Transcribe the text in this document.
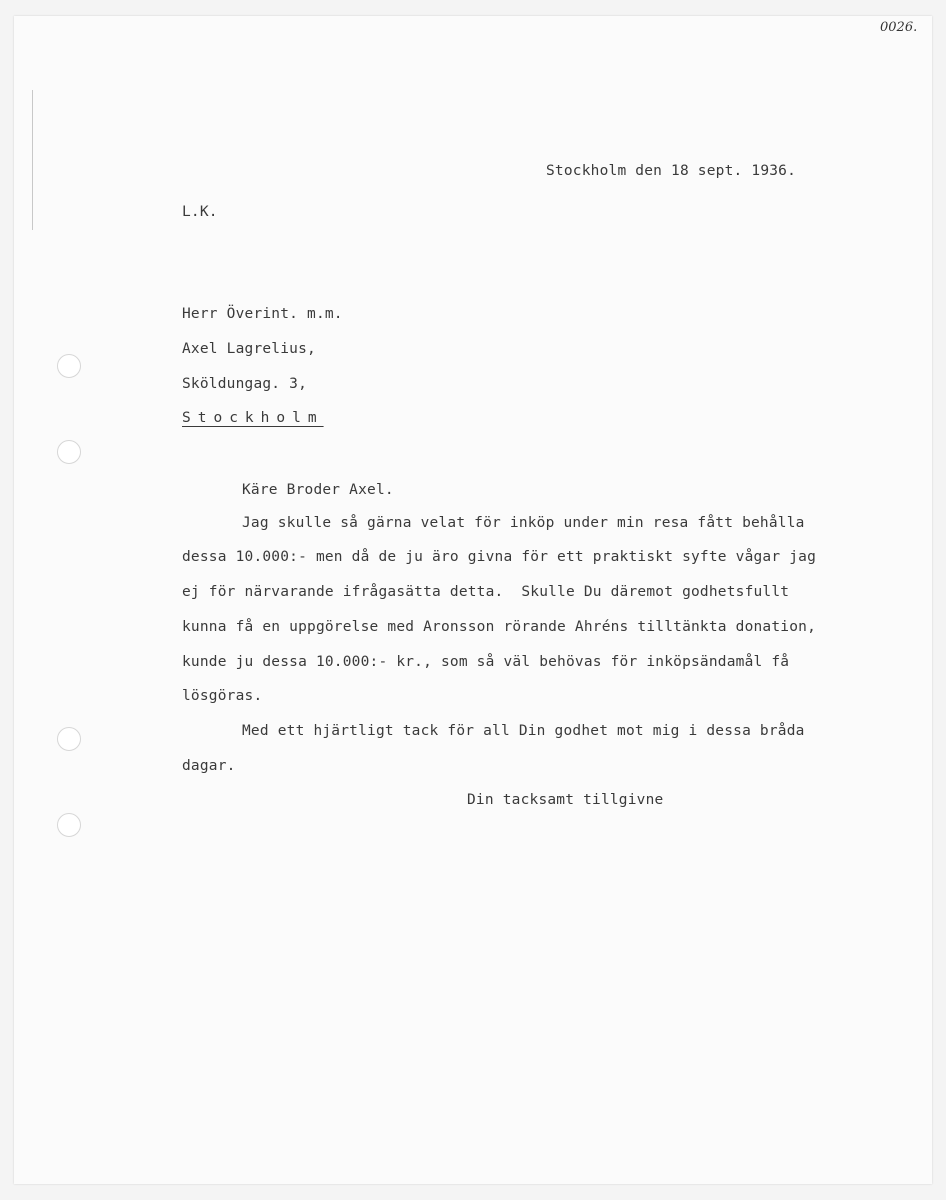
0026.
Stockholm den 18 sept. 1936.
L.K.
Herr Överint. m.m.
Axel Lagrelius,
Sköldungag. 3,
Stockholm
Käre Broder Axel.
Jag skulle så gärna velat för inköp under min resa fått behålla
dessa 10.000:- men då de ju äro givna för ett praktiskt syfte vågar jag
ej för närvarande ifrågasätta detta.  Skulle Du däremot godhetsfullt
kunna få en uppgörelse med Aronsson rörande Ahréns tilltänkta donation,
kunde ju dessa 10.000:- kr., som så väl behövas för inköpsändamål få
lösgöras.
Med ett hjärtligt tack för all Din godhet mot mig i dessa bråda
dagar.
Din tacksamt tillgivne
